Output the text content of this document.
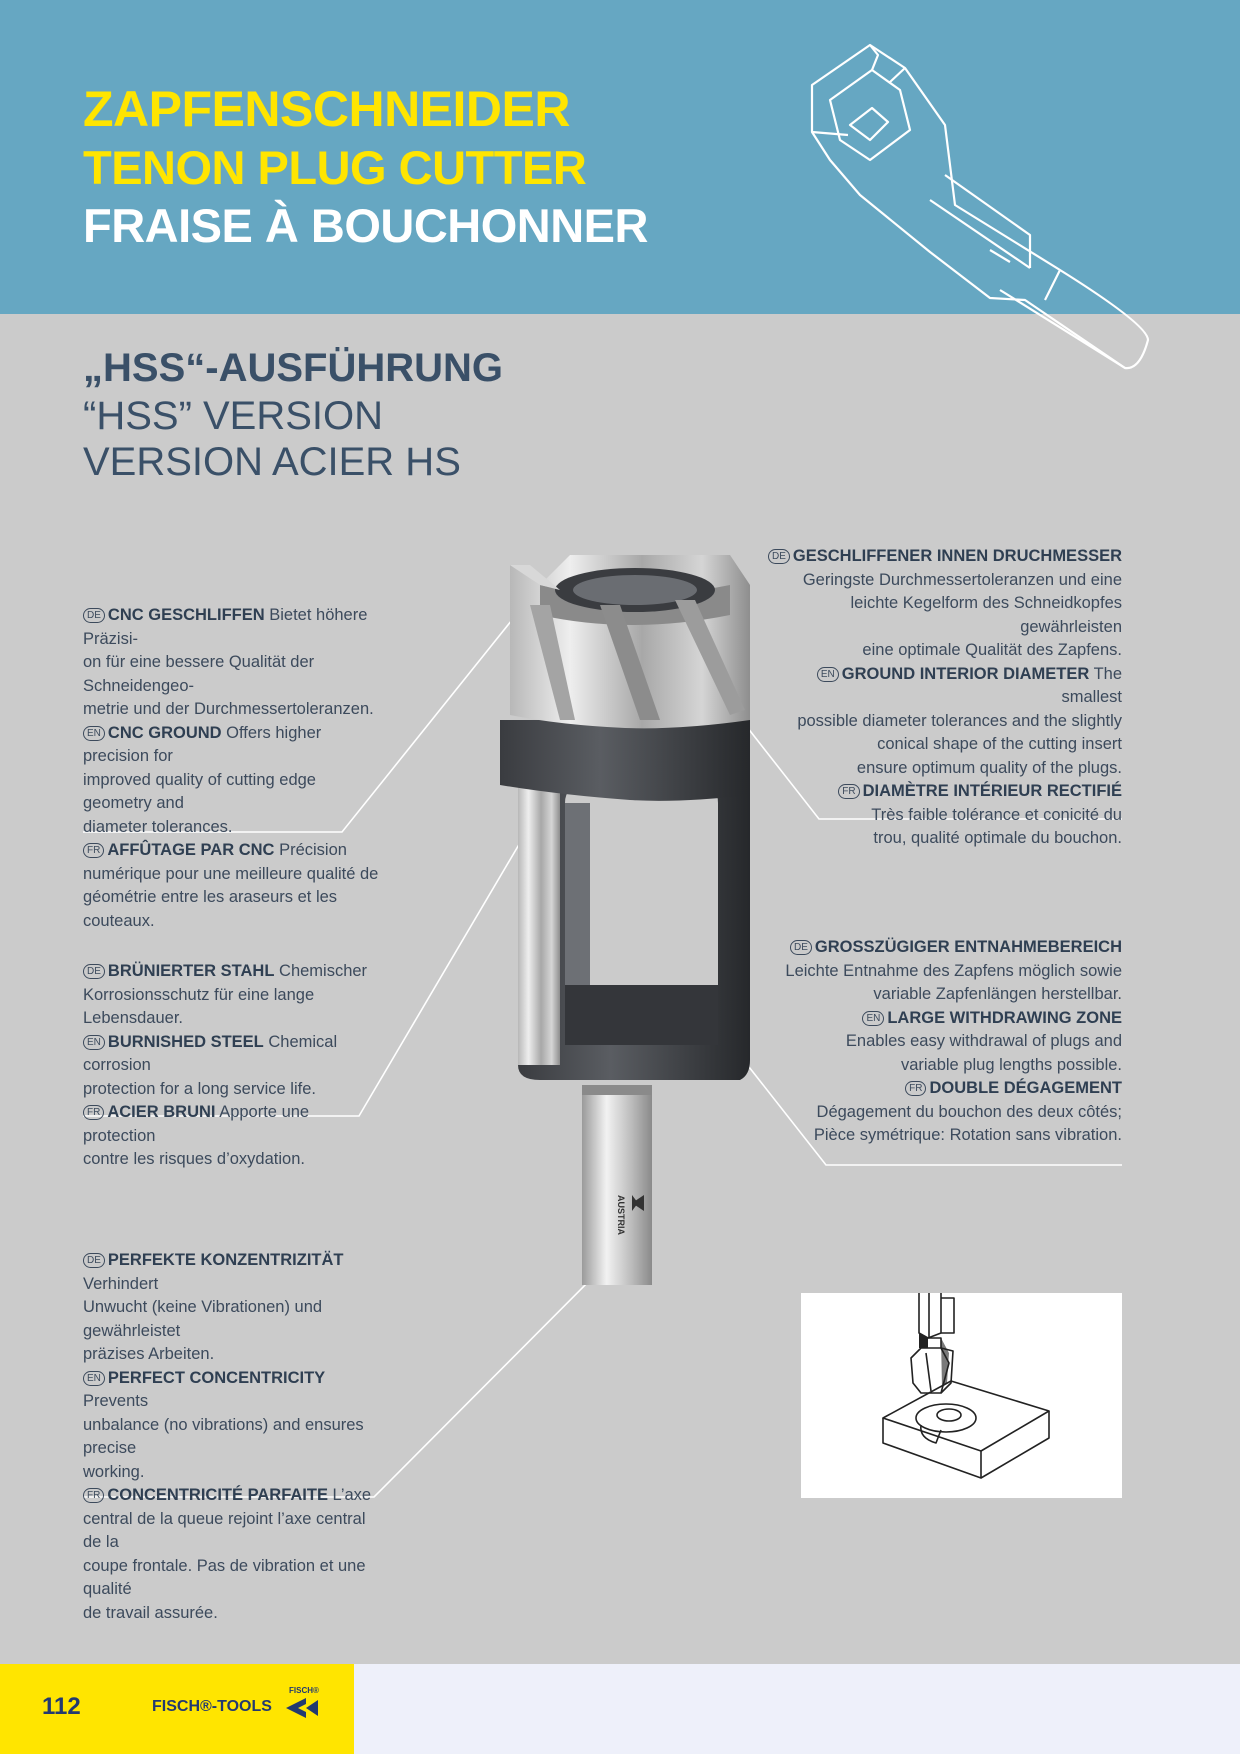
ZAPFENSCHNEIDER
TENON PLUG CUTTER
FRAISE À BOUCHONNER
„HSS“-AUSFÜHRUNG
“HSS” VERSION
VERSION ACIER HS
AUSTRIA

DE CNC GESCHLIFFEN Bietet höhere Präzisi-

on für eine bessere Qualität der Schneidengeo-

metrie und der Durchmessertoleranzen.

EN CNC GROUND Offers higher precision for

improved quality of cutting edge geometry and

diameter tolerances.

FR AFFÛTAGE PAR CNC Précision

numérique pour une meilleure qualité de

géométrie entre les araseurs et les couteaux.

DE BRÜNIERTER STAHL Chemischer

Korrosionsschutz für eine lange Lebensdauer.

EN BURNISHED STEEL Chemical corrosion

protection for a long service life.

FR ACIER BRUNI Apporte une protection

contre les risques d’oxydation.

DE PERFEKTE KONZENTRIZITÄT Verhindert

Unwucht (keine Vibrationen) und gewährleistet

präzises Arbeiten.

EN PERFECT CONCENTRICITY Prevents

unbalance (no vibrations) and ensures precise

working.

FR CONCENTRICITÉ PARFAITE L’axe

central de la queue rejoint l’axe central de la

coupe frontale. Pas de vibration et une qualité

de travail assurée.

DE GESCHLIFFENER INNEN DRUCHMESSER

Geringste Durchmessertoleranzen und eine

leichte Kegelform des Schneidkopfes gewährleisten

eine optimale Qualität des Zapfens.

EN GROUND INTERIOR DIAMETER The smallest

possible diameter tolerances and the slightly

conical shape of the cutting insert

ensure optimum quality of the plugs.

FR DIAMÈTRE INTÉRIEUR RECTIFIÉ

Très faible tolérance et conicité du

trou, qualité optimale du bouchon.

DE GROSSZÜGIGER ENTNAHMEBEREICH

Leichte Entnahme des Zapfens möglich sowie

variable Zapfenlängen herstellbar.

EN LARGE WITHDRAWING ZONE

Enables easy withdrawal of plugs and

variable plug lengths possible.

FR DOUBLE DÉGAGEMENT

Dégagement du bouchon des deux côtés;

Pièce symétrique: Rotation sans vibration.

112	FISCH®-TOOLS
FISCH®
